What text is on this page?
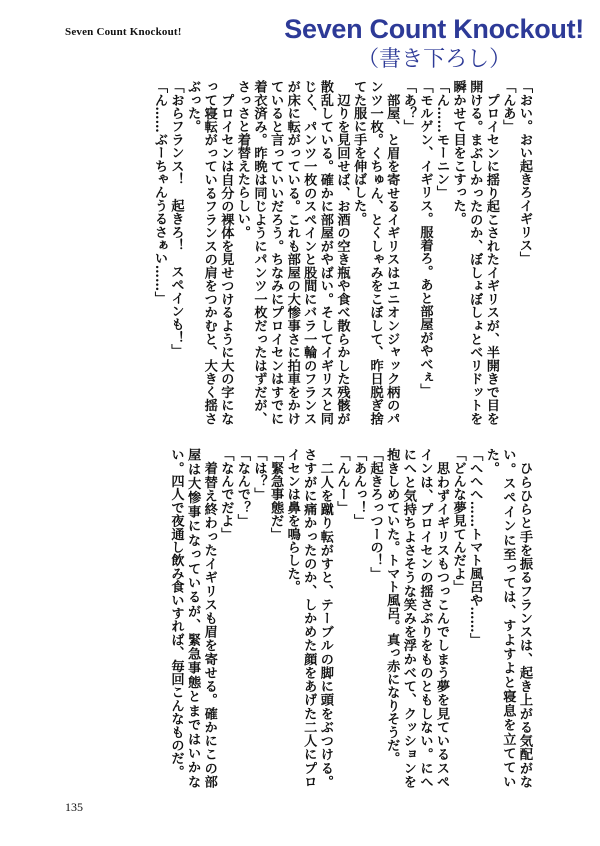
Seven Count Knockout!	Seven Count Knockout!
（書き下ろし）

「おい。おい起きろイギリス」

「んあ」

　プロイセンに揺り起こされたイギリスが、半開きで目を開ける。まぶしかったのか、ぼしょぼしょとベリドットを瞬かせて目をこすった。

「ん……モーニン」

「モルゲン、イギリス。服着ろ。あと部屋がやべぇ」

「あ？」

　部屋、と眉を寄せるイギリスはユニオンジャック柄のパンツ一枚。くちゅん、とくしゃみをこぼして、昨日脱ぎ捨てた服に手を伸ばした。

　辺りを見回せば、お酒の空き瓶や食べ散らかした残骸が散乱している。確かに部屋がやばい。そしてイギリスと同じく、パンツ一枚のスペインと股間にバラ一輪のフランスが床に転がっている。これも部屋の大惨事さに拍車をかけていると言っていいだろう。ちなみにプロイセンはすでに着衣済み。昨晩は同じようにパンツ一枚だったはずだが、さっさと着替えたらしい。

　プロイセンは自分の裸体を見せつけるように大の字になって寝転がっているフランスの肩をつかむと、大きく揺さぶった。

「おらフランス！　起きろ！　スペインも！」

「ん……ぶーちゃんうるさぁい……」

　ひらひらと手を振るフランスは、起き上がる気配がない。スペインに至っては、すよすよと寝息を立てていた。

「へへへ……トマト風呂や……」

「どんな夢見てんだよ」

　思わずイギリスもつっこんでしまう夢を見ているスペインは、プロイセンの揺さぶりをものともしない。にへにへと気持ちよさそうな笑みを浮かべて、クッションを抱きしめていた。トマト風呂。真っ赤になりそうだ。

「起きろっつーの！」

「あんっ！」

「んんー」

　二人を蹴り転がすと、テーブルの脚に頭をぶつける。さすがに痛かったのか、しかめた顔をあげた二人にプロイセンは鼻を鳴らした。

「緊急事態だ」

「は？」

「なんで？」

「なんでだよ」

　着替え終わったイギリスも眉を寄せる。確かにこの部屋は大惨事になっているが、緊急事態とまではいかない。四人で夜通し飲み食いすれば、毎回こんなものだ。

135
